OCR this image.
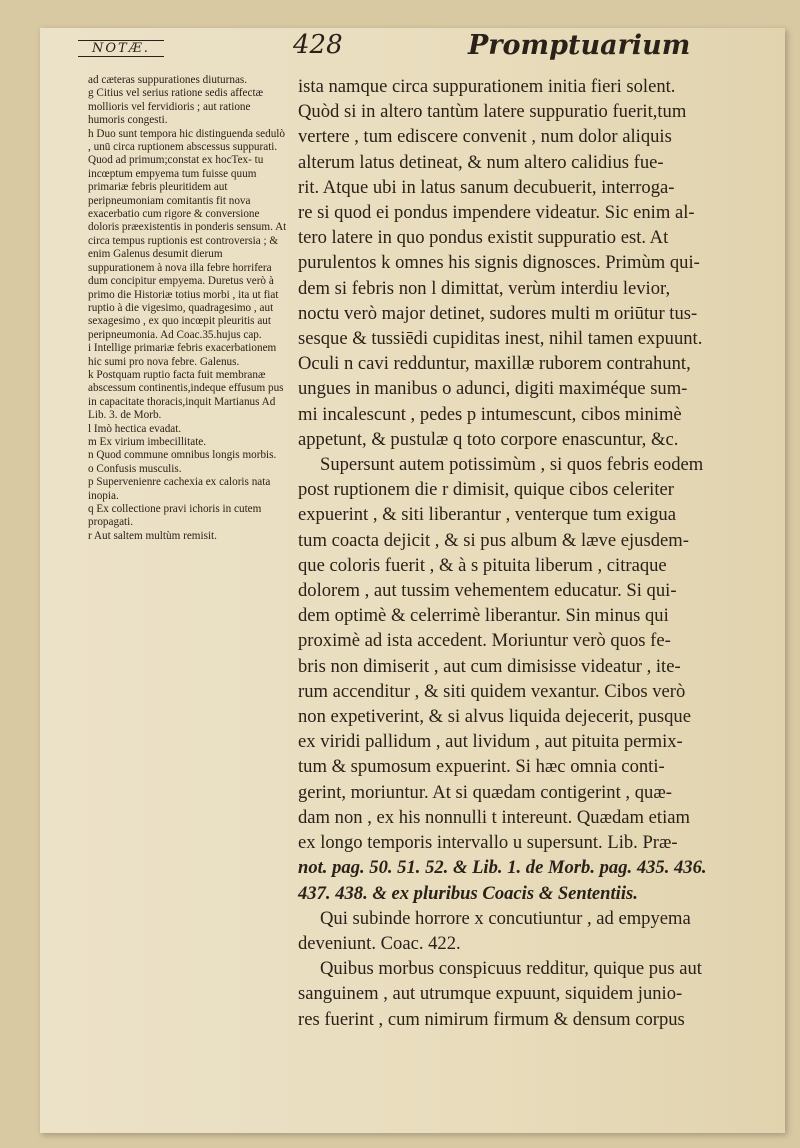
NOTÆ.	428	Promptuarium

ad cæteras suppurationes diuturnas.

g Citius vel serius ratione sedis affectæ mollioris vel fervidioris ; aut ratione humoris congesti.

h Duo sunt tempora hic distinguenda sedulò , unū circa ruptionem abscessus suppurati. Quod ad primum;constat ex hocTex- tu incœptum empyema tum fuisse quum primariæ febris pleuritidem aut peripneumoniam comitantis fit nova exacerbatio cum rigore & conversione doloris præexistentis in ponderis sensum. At circa tempus ruptionis est controversia ; & enim Galenus desumit dierum suppurationem à nova illa febre horrifera dum concipitur empyema. Duretus verò à primo die Historiæ totius morbi , ita ut fiat ruptio à die vigesimo, quadragesimo , aut sexagesimo , ex quo incœpit pleuritis aut peripneumonia. Ad Coac.35.hujus cap.

i Intellige primariæ febris exacerbationem hic sumi pro nova febre. Galenus.

k Postquam ruptio facta fuit membranæ abscessum continentis,indeque effusum pus in capacitate thoracis,inquit Martianus Ad Lib. 3. de Morb.

l Imò hectica evadat.

m Ex virium imbecillitate.

n Quod commune omnibus longis morbis.

o Confusis musculis.

p Supervenienre cachexia ex caloris nata inopia.

q Ex collectione pravi ichoris in cutem propagati.

r Aut saltem multùm remisit.

ista namque circa suppurationem initia fieri solent.

Quòd si in altero tantùm latere suppuratio fuerit,tum

vertere , tum ediscere convenit , num dolor aliquis

alterum latus detineat, & num altero calidius fue-

rit. Atque ubi in latus sanum decubuerit, interroga-

re si quod ei pondus impendere videatur. Sic enim al-

tero latere in quo pondus existit suppuratio est. At

purulentos k omnes his signis dignosces. Primùm qui-

dem si febris non l dimittat, verùm interdiu levior,

noctu verò major detinet, sudores multi m oriūtur tus-

sesque & tussiēdi cupiditas inest, nihil tamen expuunt.

Oculi n cavi redduntur, maxillæ ruborem contrahunt,

ungues in manibus o adunci, digiti maximéque sum-

mi incalescunt , pedes p intumescunt, cibos minimè

appetunt, & pustulæ q toto corpore enascuntur, &c.

Supersunt autem potissimùm , si quos febris eodem

post ruptionem die r dimisit, quique cibos celeriter

expuerint , & siti liberantur , venterque tum exigua

tum coacta dejicit , & si pus album & læve ejusdem-

que coloris fuerit , & à s pituita liberum , citraque

dolorem , aut tussim vehementem educatur. Si qui-

dem optimè & celerrimè liberantur. Sin minus qui

proximè ad ista accedent. Moriuntur verò quos fe-

bris non dimiserit , aut cum dimisisse videatur , ite-

rum accenditur , & siti quidem vexantur. Cibos verò

non expetiverint, & si alvus liquida dejecerit, pusque

ex viridi pallidum , aut lividum , aut pituita permix-

tum & spumosum expuerint. Si hæc omnia conti-

gerint, moriuntur. At si quædam contigerint , quæ-

dam non , ex his nonnulli t intereunt. Quædam etiam

ex longo temporis intervallo u supersunt. Lib. Præ-

not. pag. 50. 51. 52. & Lib. 1. de Morb. pag. 435. 436.

437. 438. & ex pluribus Coacis & Sententiis.

Qui subinde horrore x concutiuntur , ad empyema

deveniunt. Coac. 422.

Quibus morbus conspicuus redditur, quique pus aut

sanguinem , aut utrumque expuunt, siquidem junio-

res fuerint , cum nimirum firmum & densum corpus
